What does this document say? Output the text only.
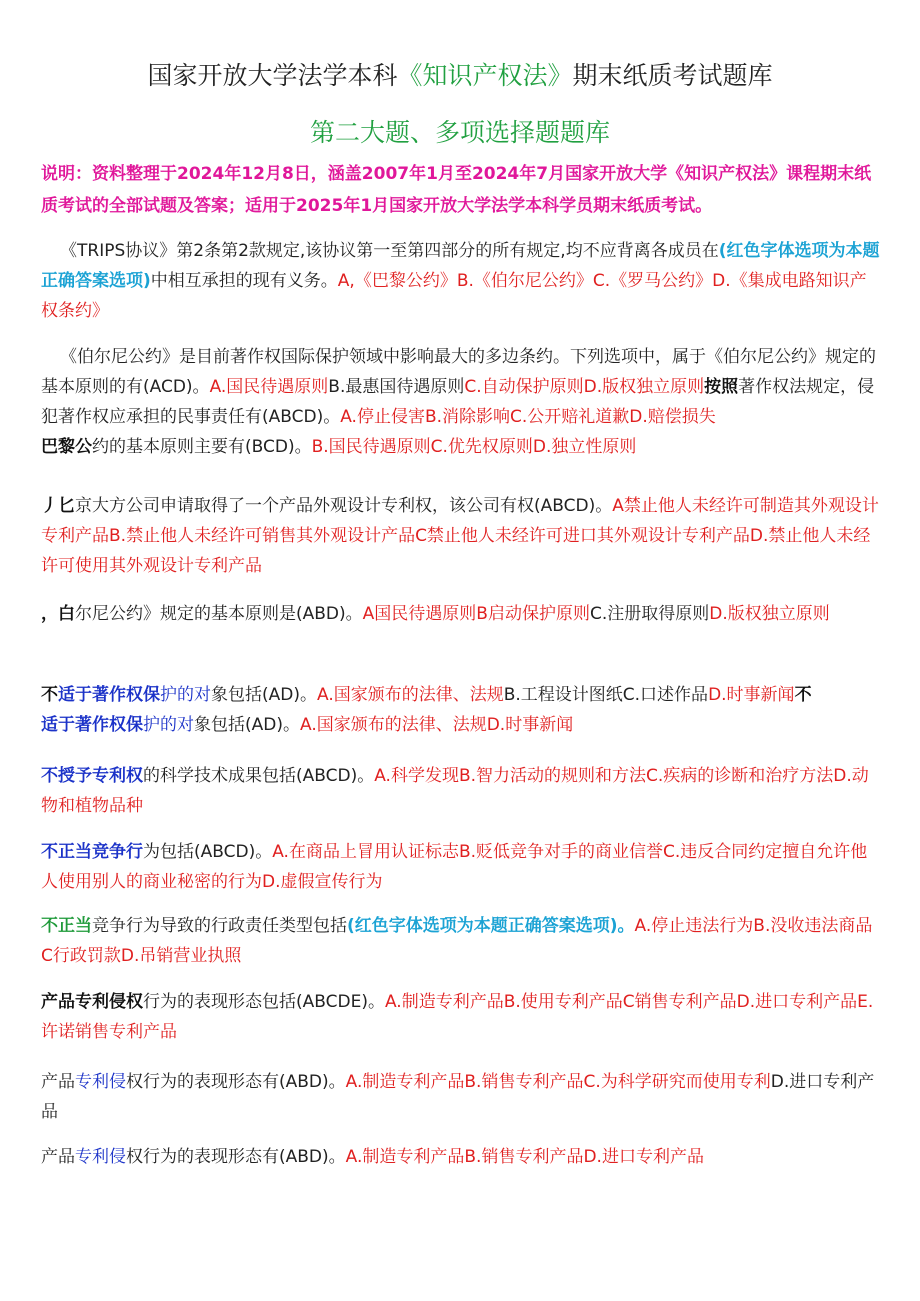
国家开放大学法学本科《知识产权法》期末纸质考试题库
第二大题、多项选择题题库
说明：资料整理于2024年12月8日，涵盖2007年1月至2024年7月国家开放大学《知识产权法》课程期末纸质考试的全部试题及答案；适用于2025年1月国家开放大学法学本科学员期末纸质考试。
《TRIPS协议》第2条第2款规定,该协议第一至第四部分的所有规定,均不应背离各成员在(红色字体选项为本题正确答案选项)中相互承担的现有义务。A,《巴黎公约》B.《伯尔尼公约》C.《罗马公约》D.《集成电路知识产权条约》
《伯尔尼公约》是目前著作权国际保护领域中影响最大的多边条约。下列选项中，属于《伯尔尼公约》规定的基本原则的有(ACD)。A.国民待遇原则B.最惠国待遇原则C.自动保护原则D.版权独立原则按照著作权法规定，侵犯著作权应承担的民事责任有(ABCD)。A.停止侵害B.消除影响C.公开赔礼道歉D.赔偿损失
巴黎公约的基本原则主要有(BCD)。B.国民待遇原则C.优先权原则D.独立性原则
丿匕京大方公司申请取得了一个产品外观设计专利权，该公司有权(ABCD)。A禁止他人未经许可制造其外观设计专利产品B.禁止他人未经许可销售其外观设计产品C禁止他人未经许可进口其外观设计专利产品D.禁止他人未经许可使用其外观设计专利产品
，白尔尼公约》规定的基本原则是(ABD)。A国民待遇原则B启动保护原则C.注册取得原则D.版权独立原则
不适于著作权保护的对象包括(AD)。A.国家颁布的法律、法规B.工程设计图纸C.口述作品D.时事新闻不
适于著作权保护的对象包括(AD)。A.国家颁布的法律、法规D.时事新闻
不授予专利权的科学技术成果包括(ABCD)。A.科学发现B.智力活动的规则和方法C.疾病的诊断和治疗方法D.动物和植物品种
不正当竞争行为包括(ABCD)。A.在商品上冒用认证标志B.贬低竞争对手的商业信誉C.违反合同约定擅自允许他人使用别人的商业秘密的行为D.虚假宣传行为
不正当竞争行为导致的行政责任类型包括(红色字体选项为本题正确答案选项)。A.停止违法行为B.没收违法商品C行政罚款D.吊销营业执照
产品专利侵权行为的表现形态包括(ABCDE)。A.制造专利产品B.使用专利产品C销售专利产品D.进口专利产品E.许诺销售专利产品
产品专利侵权行为的表现形态有(ABD)。A.制造专利产品B.销售专利产品C.为科学研究而使用专利D.进口专利产品
产品专利侵权行为的表现形态有(ABD)。A.制造专利产品B.销售专利产品D.进口专利产品
